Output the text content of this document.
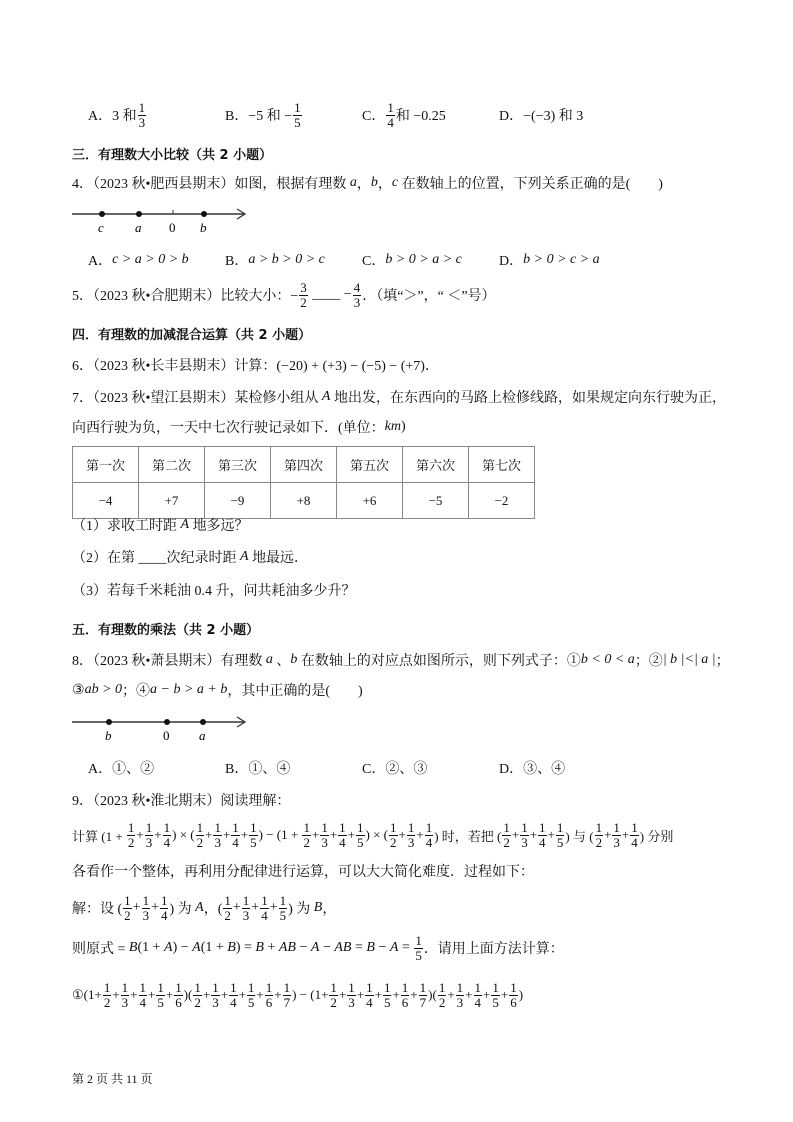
A．3 和 $\frac{1}{3}$	B．−5 和 − $\frac{1}{5}$	C． $\frac{1}{4}$ 和 −0.25	D．−(−3) 和 3
三．有理数大小比较（共 2 小题）
4．（2023 秋•肥西县期末）如图，根据有理数 a ， b ， c 在数轴上的位置，下列关系正确的是(　　)
c a 0 b
A． c > a > 0 > b	B． a > b > 0 > c	C． b > 0 > a > c	D． b > 0 > c > a
5．（2023 秋•合肥期末）比较大小：− $\frac{3}{2}$ ____ − $\frac{4}{3}$ ．（填“＞”，“ ＜”号）
四．有理数的加减混合运算（共 2 小题）
6．（2023 秋•长丰县期末）计算：(−20) + (+3) − (−5) − (+7)．
7．（2023 秋•望江县期末）某检修小组从 A 地出发，在东西向的马路上检修线路，如果规定向东行驶为正，
向西行驶为负，一天中七次行驶记录如下．(单位： km )
第一次	第二次	第三次	第四次	第五次	第六次	第七次
−4	+7	−9	+8	+6	−5	−2
（1）求收工时距 A 地多远？
（2）在第 ____次纪录时距 A 地最远．
（3）若每千米耗油 0.4 升，问共耗油多少升？
五．有理数的乘法（共 2 小题）
8．（2023 秋•萧县期末）有理数 a 、 b 在数轴上的对应点如图所示，则下列式子：① b < 0 < a ；② | b |<| a | ；
③ ab > 0 ；④ a − b > a + b ，其中正确的是(　　)
b	0 a
A．①、②	B．①、④	C．②、③	D．③、④
9．（2023 秋•淮北期末）阅读理解：
计算 ($1 + \frac{1}{2} + \frac{1}{3} + \frac{1}{4}$ ) × ( $\frac{1}{2} + \frac{1}{3} + \frac{1}{4} + \frac{1}{5}$ ) − ($1 + \frac{1}{2} + \frac{1}{3} + \frac{1}{4} + \frac{1}{5}$ ) × ( $\frac{1}{2} + \frac{1}{3} + \frac{1}{4}$ ) 时，若把 ( $\frac{1}{2} + \frac{1}{3} + \frac{1}{4} + \frac{1}{5}$ ) 与 ( $\frac{1}{2} + \frac{1}{3} + \frac{1}{4}$ ) 分别
各看作一个整体，再利用分配律进行运算，可以大大简化难度．过程如下：
解：设 ( $\frac{1}{2} + \frac{1}{3} + \frac{1}{4}$ ) 为 A ，( $\frac{1}{2} + \frac{1}{3} + \frac{1}{4} + \frac{1}{5}$ ) 为 B ，
则原式 = B (1 + A ) − A (1 + B ) = B + AB − A − AB = $B - A = \frac{1}{5}$ ．请用上面方法计算：
①(1+ $\frac{1}{2} + \frac{1}{3} + \frac{1}{4} + \frac{1}{5} + \frac{1}{6}$ )( $\frac{1}{2} + \frac{1}{3} + \frac{1}{4} + \frac{1}{5} + \frac{1}{6} + \frac{1}{7}$ ) − ($1+ \frac{1}{2} + \frac{1}{3} + \frac{1}{4} + \frac{1}{5} + \frac{1}{6} + \frac{1}{7}$ )( $\frac{1}{2} + \frac{1}{3} + \frac{1}{4} + \frac{1}{5} + \frac{1}{6}$ )
第 2 页 共 11 页
